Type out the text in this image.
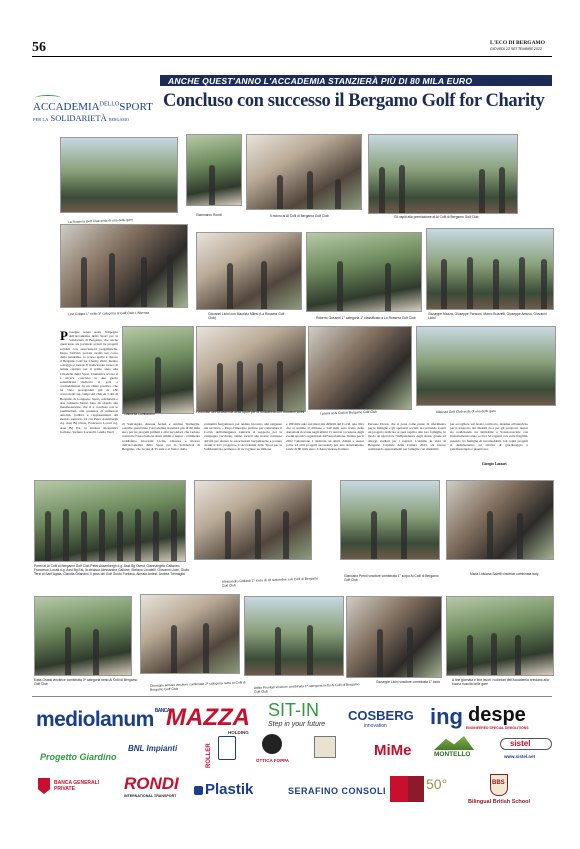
56	L'ECO DI BERGAMO
GIOVEDÌ 22 SETTEMBRE 2022
ANCHE QUEST'ANNO L'ACCADEMIA STANZIERÀ PIÙ DI 80 MILA EURO
$ACCADEMIA^{DELLO}SPORT$
PER LA SOLIDARIETÀ BERGAMO
Concluso con successo il Bergamo Golf for Charity
La Rossera Golf Club sede di una delle gare
Gianmarco Rondi	Il ristoro al Ai Colli di Bergamo Golf Club	Gli ospiti alla premiazione al Ai Colli di Bergamo Golf Club
Lino Grippa 1° netto 1ª categoria al Golf Club L'Albenza	Giovanni Licini con Maurizio Milesi (La Rossera Golf Club)	Roberto Gusseni 1° categoria 1° classificato a La Rossera Golf Club
Giuseppe Mazza, Giuseppe Pansoni, Marco Buzzelli, Giuseppe Amuso, Giovanni Licini
Gabriella Lombardini	I volontari dell'Accademia dello Sport per la Solidarietà con Giovanni Licini	I premi al Ai Colli di Bergamo Golf Club	Albenza Golf Club sede di una delle gare
Prosegue senza sosta l'impegno dell'Accademia dello Sport per la Solidarietà di Bergamo, che anche quest'anno sta portando avanti tre progetti solidali con associazioni bergamasche. Dopo l'attività portata avanti nel corso della pandemia, lo scorso aprile è ripreso il Bergamo Golf for Charity 2022, mentre a maggio è tornato il tradizionale torneo di tennis capitato per il primo anno alla Cittadella dello Sport. Domenica scorsa si è invece concluso la due giorni settembrina dedicata al golf e contraddistinta da un clima positivo, che ha visto protagonisti più di 180 concorrenti sui campi del club Ai Colli di Bergamo di Longuelo. Sport, solidarietà e arte culinaria hanno fatto da sfondo alla manifestazione, che si è conclusa con le premiazioni, alla presenza di numerosi autorità, politici e rappresentanti del mondo sanitario tra cui Peter Assenbergh d.g. Asst Bg Ovest, Francesco Locati d.g. Asst Bg Est, la sindaca Alessandra Gallone, Stefano Locatelli, Giulio Terzi
di Sant'Agata, Alessia Ardesi e Andrea Tremaglia. «Anche quest'anno l'Accademia stanzierà più di 80 mila euro per tre progetti primari e altri secondari, che vedono coinvolte l'associazione Aiuti Ammi e Aepar - commenta soddisfatto Giovanni Licini, ideatore e motore dell'Accademia dello Sport per la Solidarietà di Bergamo, che da più di 35 anni è al fianco della
comunità bergamasca per andare incontro alle esigenze del territorio -. Dopo l'impegno profuso per contrastare il Covid, dell'emergenza sanitaria al supporto per la campagna vaccinale, siamo tornati alle nostre consuete attività per aiutare le associazioni bergamasche a portare avanti il loro progetto». L'Accademia dello Sport per la Solidarietà ha permesso di raccogliere un milione
e 180 mila euro nei mesi più difficili del Covid, una cifra che si somma al milione e 540 mila euro frutto delle donazioni ricevute negli ultimi 15 anni in occasione degli eventi sportivi organizzati dall'associazione. Inoltre per il 2022 l'attenzione è dedicata ad Aiuti, Ammi e Aepar (oltre ad altri progetti secondari) per uno stanziamento totale di 80 mila euro. L'Associazione Italiana
Persone Down, che si pone come punto di riferimento per le famiglie e gli operatori sociali, sta portando avanti un progetto dedicato ai suoi ospiti e alle loro famiglie, in modo da agevolare l'indipendenza degli stessi, grazie ad alloggi studiati per i ragazzi. L'Ammi, in vista di Bergamo Capitale della Cultura 2023, sta invece realizzando appartamenti per famiglie con disabilità
per accogliere sul nostro territorio, insieme all'autorizzo per il trasporto dei disabili da e per gli aeroporti. Aepar sta realizzando un immobile a Scanzorosciate con finanziamento aiuto a circa 50 ragazzi con varie fragilità, essendo tra famiglie di incomodabili. Gli ospiti progetti si dedicheranno ad attività di giardinaggio e giardinoterapia e piastricera.
Giorgio Lazzari
Premi al Ai Colli di Bergamo Golf Club Peter Assenbergh d.g. Asst Bg Ovest, Giannangelo Cattaneo, Francesco Locati d.g. Asst Bg Est, la sindaca Alessandra Gallone, Stefano Locatelli, Giovanni Licini, Giulio Terzi di Sant'Agata, Claudia Orlandini, il poss del Golf Guido Fontana, Alessia Ardesi, Andrea Tremaglia
Alessandro Ghilardi 1° lordo di 18 settembre a Ai Colli di Bergamo Golf Club
Giancarlo Pernil vincitore combinata 1° scrpo Ai Colli di Bergamo Golf Club
Maria Luisiana Saletti vincitrice combinata lady
Katia Grassi vincitrice combinata 3ª categoria netto Ai Colli di Bergamo Golf Club	Giuseppe Amuso vincitore combinata 2ª categoria netto Ai Colli di Bergamo Golf Club	Attilio Previtali vincitore combinata 1ª categoria netto Ai Colli di Bergamo Golf Club
Giuseppe Licini vincitore combinata 1° lordo	A fine giornata e fine lavori i volontari dell'Accademia brindano alla buona riuscita delle gare
mediolanum$^{BANCA}$
MAZZA
HOLDING
SIT-IN
Step in your future
COSBERG
innovation ing despe
ENGINEERED SPECIAL DEMOLITIONS
Progetto Giardino
BNL Impianti	ROLLER	OTTICA FOPPA
MiMe	MONTELLO
sistel
www.sistel.net
BANCA GENERALI PRIVATE	RONDI
INTERNATIONAL TRANSPORT Plastik	SERAFINO CONSOLI	50°	BBS
Bilingual British School
